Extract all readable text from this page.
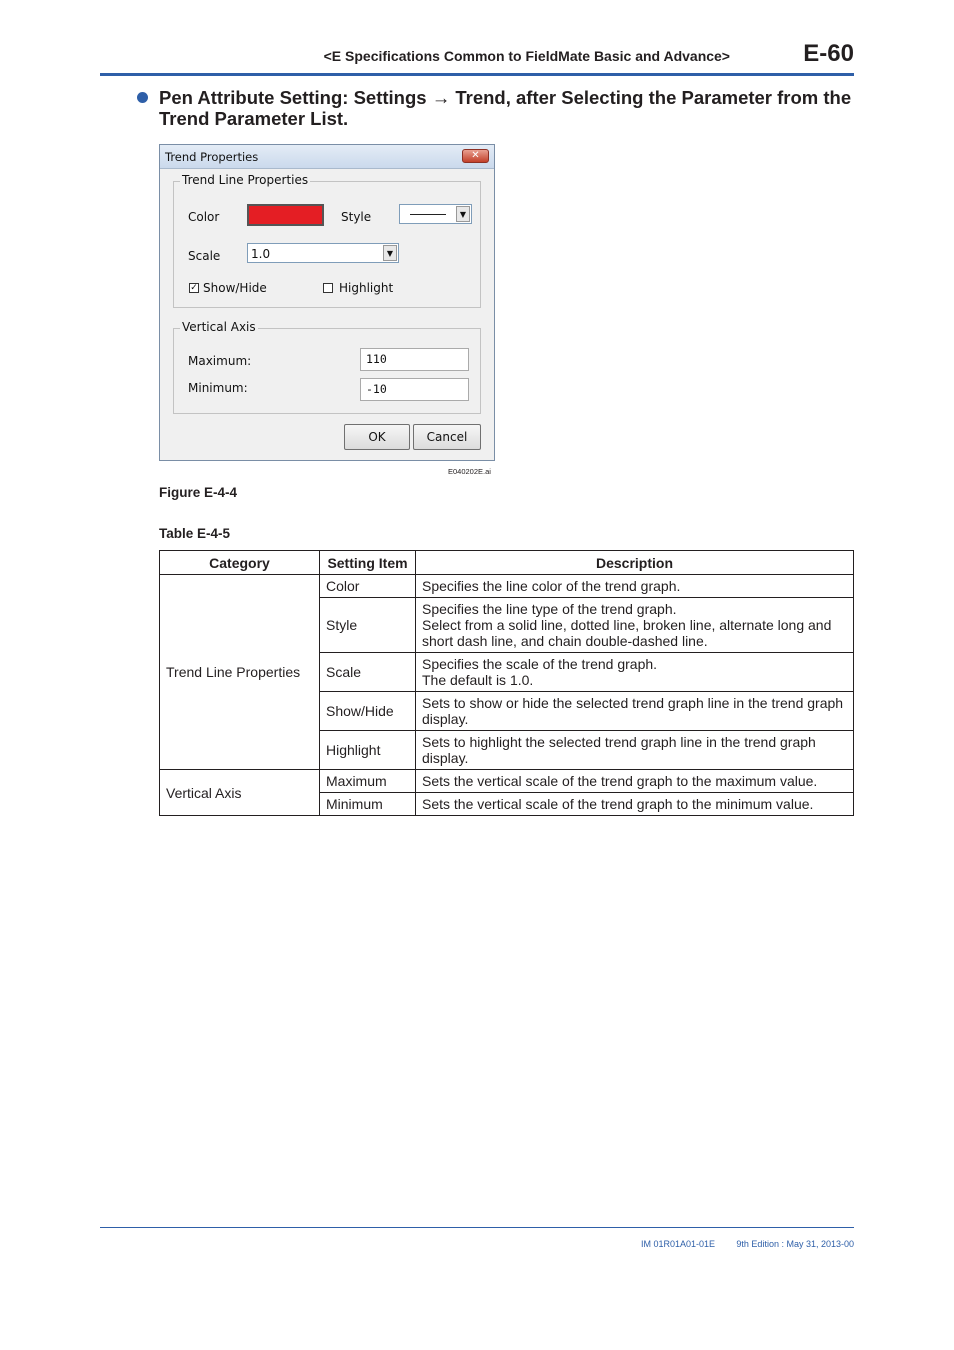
<E Specifications Common to FieldMate Basic and Advance>	E-60
Pen Attribute Setting: Settings → Trend, after Selecting the Parameter from the Trend Parameter List.
Trend Properties	✕
Trend Line Properties
Color	Style	▼
Scale	1.0	▼
✓ Show/Hide	Highlight
Vertical Axis
Maximum:	110
Minimum:	-10
OK	Cancel
E040202E.ai
Figure E-4-4
Table E-4-5
Category	Setting Item	Description
Trend Line Properties	Color	Specifies the line color of the trend graph.
	Style	Specifies the line type of the trend graph.
Select from a solid line, dotted line, broken line, alternate long and short dash line, and chain double-dashed line.
	Scale	Specifies the scale of the trend graph.
The default is 1.0.
	Show/Hide	Sets to show or hide the selected trend graph line in the trend graph display.
	Highlight	Sets to highlight the selected trend graph line in the trend graph display.
Vertical Axis	Maximum	Sets the vertical scale of the trend graph to the maximum value.
	Minimum	Sets the vertical scale of the trend graph to the minimum value.
IM 01R01A01-01E 9th Edition : May 31, 2013-00
